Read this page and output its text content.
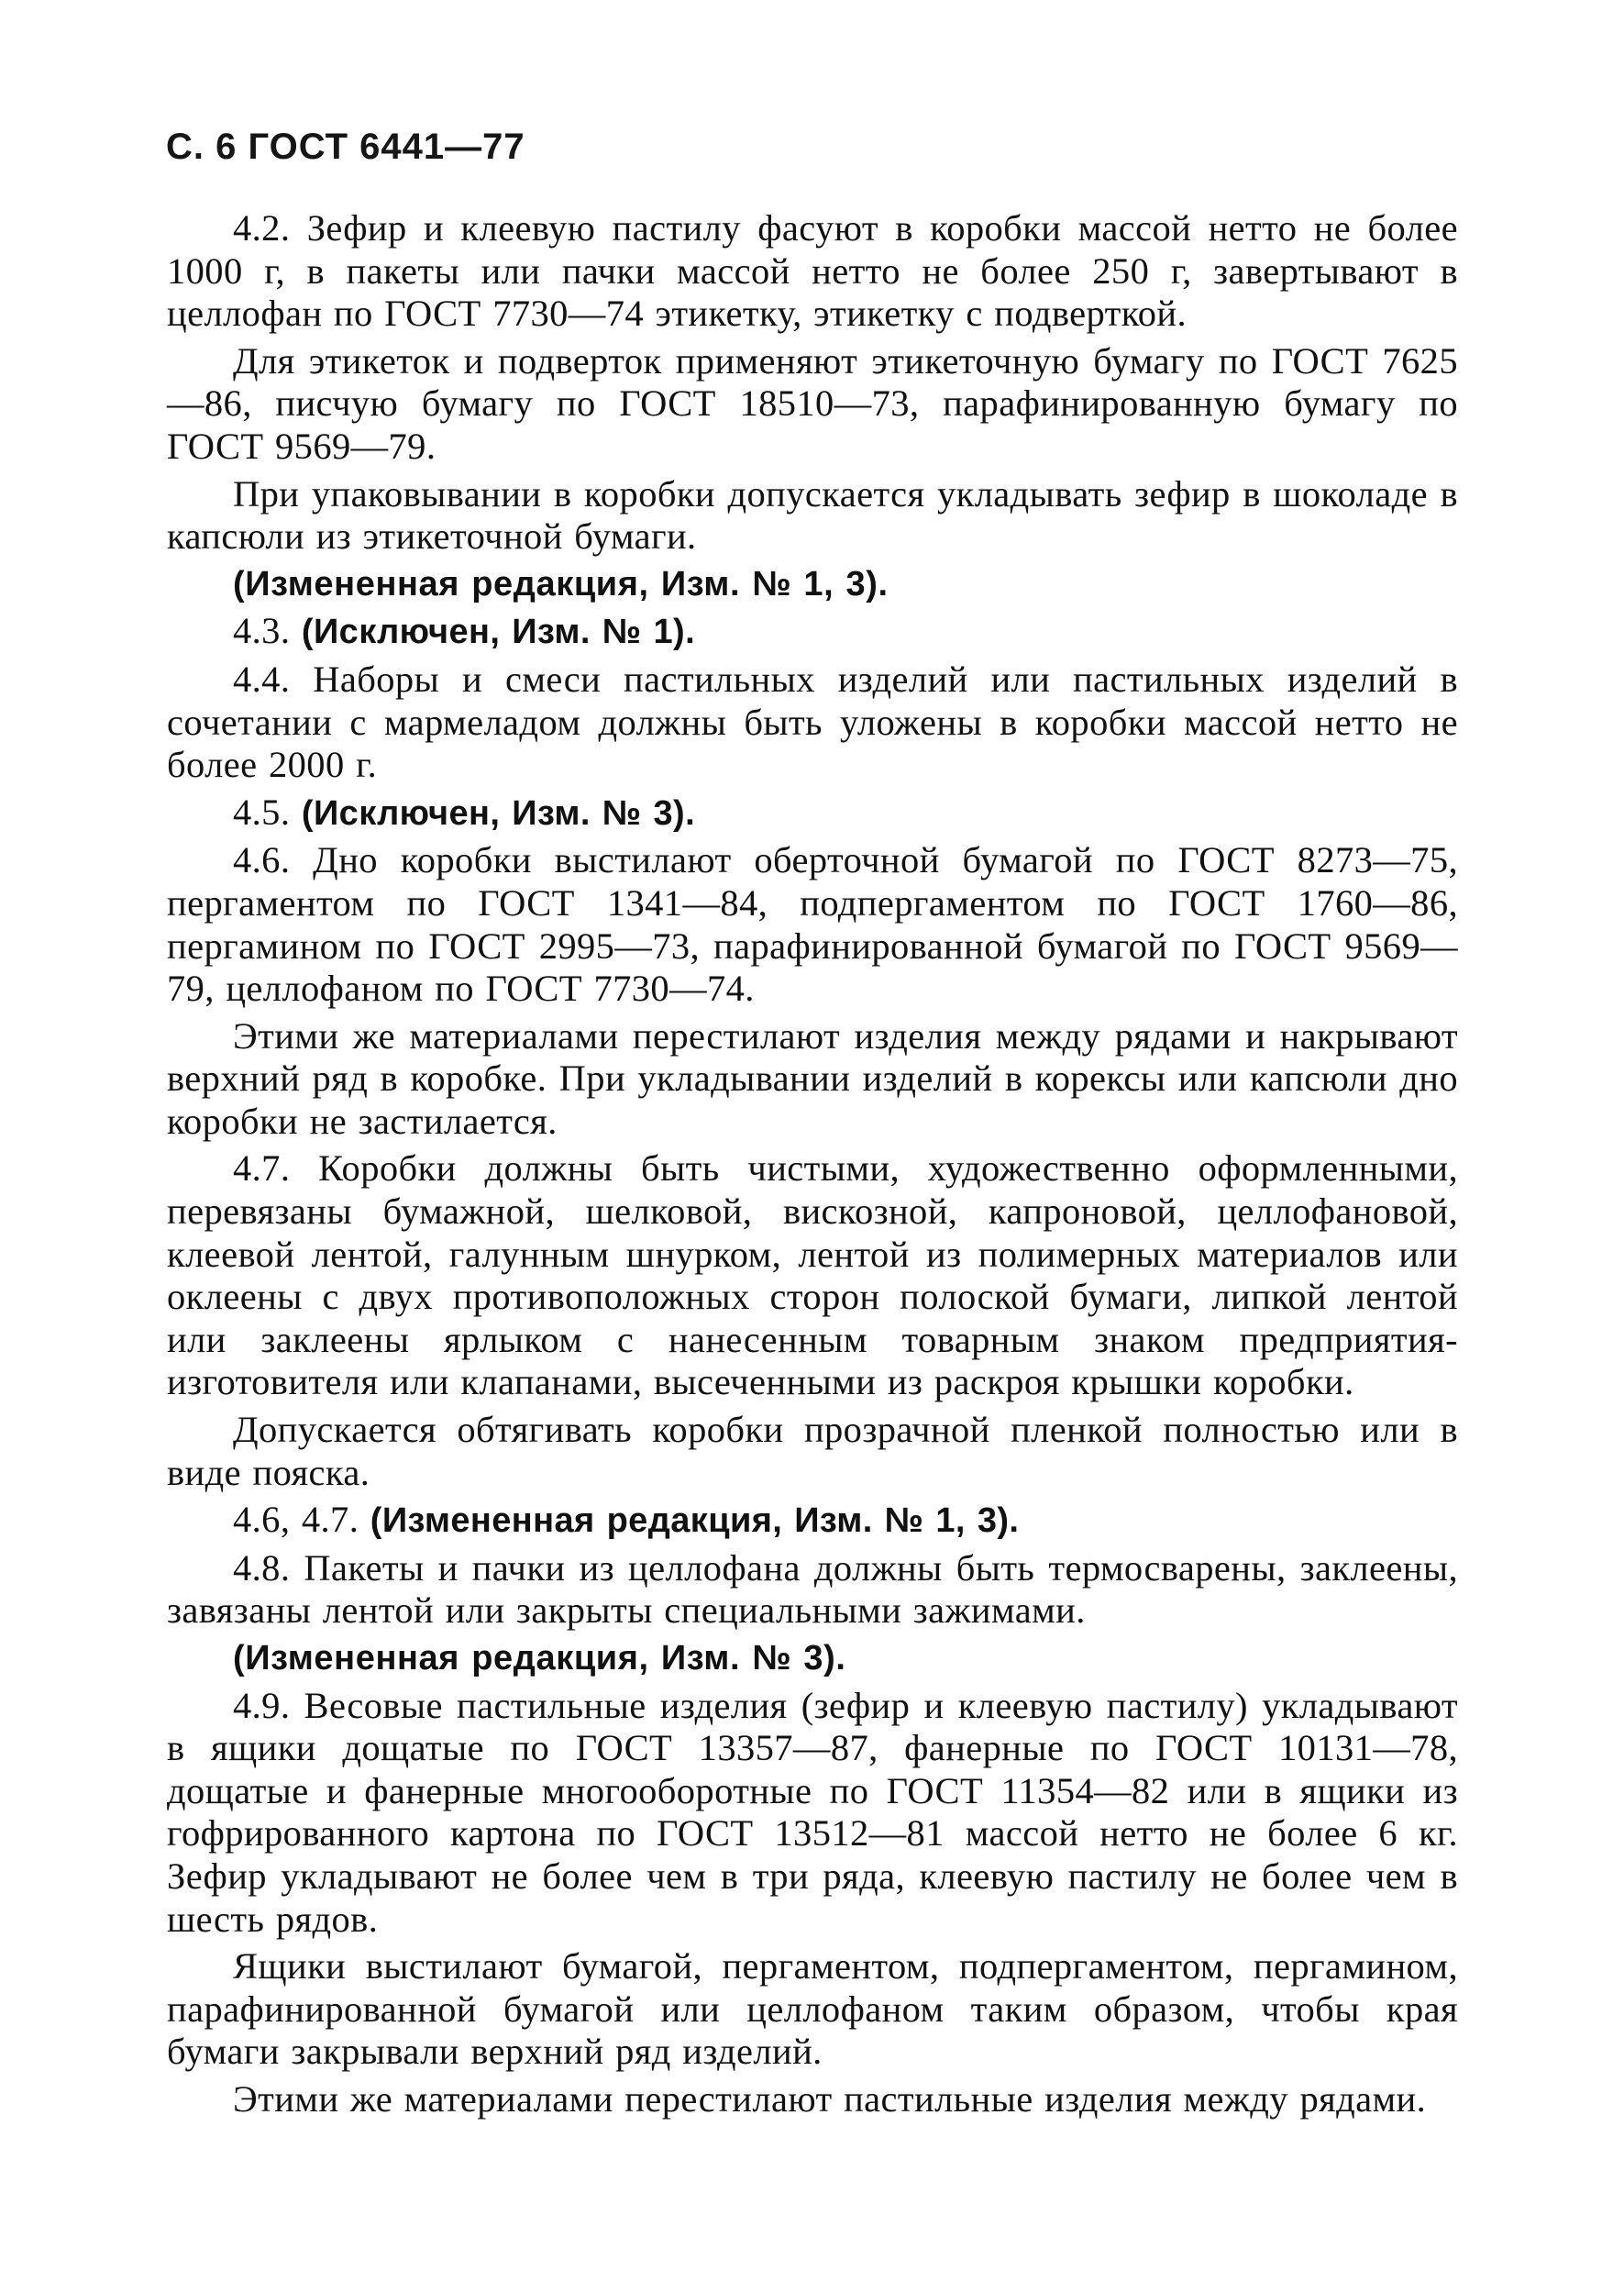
С. 6 ГОСТ 6441—77

4.2. Зефир и клеевую пастилу фасуют в коробки массой нетто не более 1000 г, в пакеты или пачки массой нетто не более 250 г, завертывают в целлофан по ГОСТ 7730—74 этикетку, этикетку с подверткой.

Для этикеток и подверток применяют этикеточную бумагу по ГОСТ 7625—86, писчую бумагу по ГОСТ 18510—73, парафинированную бумагу по ГОСТ 9569—79.

При упаковывании в коробки допускается укладывать зефир в шоколаде в капсюли из этикеточной бумаги.

(Измененная редакция, Изм. № 1, 3).

4.3. (Исключен, Изм. № 1).

4.4. Наборы и смеси пастильных изделий или пастильных изделий в сочетании с мармеладом должны быть уложены в коробки массой нетто не более 2000 г.

4.5. (Исключен, Изм. № 3).

4.6. Дно коробки выстилают оберточной бумагой по ГОСТ 8273—75, пергаментом по ГОСТ 1341—84, подпергаментом по ГОСТ 1760—86, пергамином по ГОСТ 2995—73, парафинированной бумагой по ГОСТ 9569—79, целлофаном по ГОСТ 7730—74.

Этими же материалами перестилают изделия между рядами и накрывают верхний ряд в коробке. При укладывании изделий в корексы или капсюли дно коробки не застилается.

4.7. Коробки должны быть чистыми, художественно оформленными, перевязаны бумажной, шелковой, вискозной, капроновой, целлофановой, клеевой лентой, галунным шнурком, лентой из полимерных материалов или оклеены с двух противоположных сторон полоской бумаги, липкой лентой или заклеены ярлыком с нанесенным товарным знаком предприятия-изготовителя или клапанами, высеченными из раскроя крышки коробки.

Допускается обтягивать коробки прозрачной пленкой полностью или в виде пояска.

4.6, 4.7. (Измененная редакция, Изм. № 1, 3).

4.8. Пакеты и пачки из целлофана должны быть термосварены, заклеены, завязаны лентой или закрыты специальными зажимами.

(Измененная редакция, Изм. № 3).

4.9. Весовые пастильные изделия (зефир и клеевую пастилу) укладывают в ящики дощатые по ГОСТ 13357—87, фанерные по ГОСТ 10131—78, дощатые и фанерные многооборотные по ГОСТ 11354—82 или в ящики из гофрированного картона по ГОСТ 13512—81 массой нетто не более 6 кг. Зефир укладывают не более чем в три ряда, клеевую пастилу не более чем в шесть рядов.

Ящики выстилают бумагой, пергаментом, подпергаментом, пергамином, парафинированной бумагой или целлофаном таким образом, чтобы края бумаги закрывали верхний ряд изделий.

Этими же материалами перестилают пастильные изделия между рядами.
